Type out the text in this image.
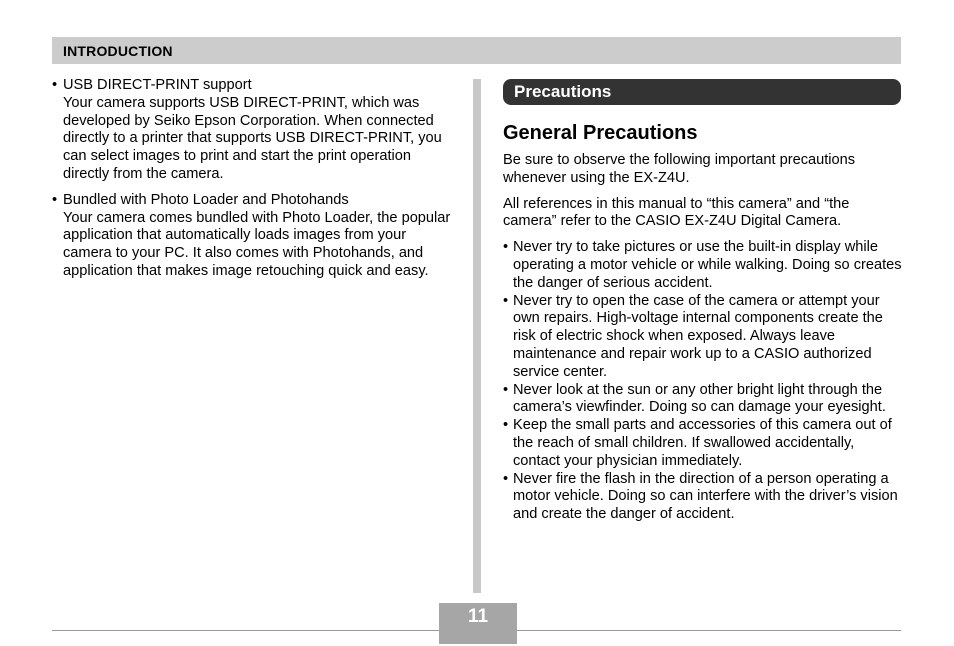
INTRODUCTION
• USB DIRECT-PRINT support
Your camera supports USB DIRECT-PRINT, which was developed by Seiko Epson Corporation. When connected directly to a printer that supports USB DIRECT-PRINT, you can select images to print and start the print operation directly from the camera.
• Bundled with Photo Loader and Photohands
Your camera comes bundled with Photo Loader, the popular application that automatically loads images from your camera to your PC. It also comes with Photohands, and application that makes image retouching quick and easy.
Precautions
General Precautions

Be sure to observe the following important precautions whenever using the EX-Z4U.

All references in this manual to “this camera” and “the camera” refer to the CASIO EX-Z4U Digital Camera.

• Never try to take pictures or use the built-in display while operating a motor vehicle or while walking. Doing so creates the danger of serious accident.
• Never try to open the case of the camera or attempt your own repairs. High-voltage internal components create the risk of electric shock when exposed. Always leave maintenance and repair work up to a CASIO authorized service center.
• Never look at the sun or any other bright light through the camera’s viewfinder. Doing so can damage your eyesight.
• Keep the small parts and accessories of this camera out of the reach of small children. If swallowed accidentally, contact your physician immediately.
• Never fire the flash in the direction of a person operating a motor vehicle. Doing so can interfere with the driver’s vision and create the danger of accident.
11
